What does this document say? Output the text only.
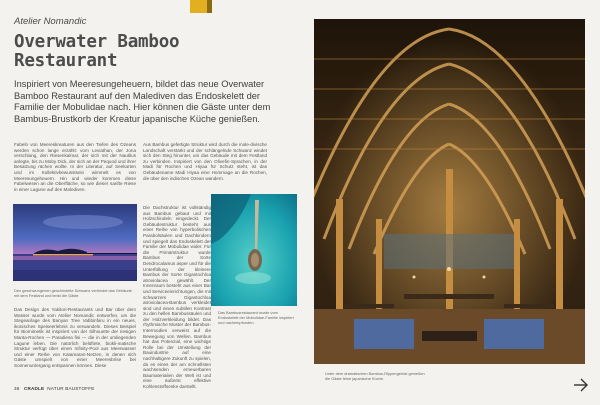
Atelier Nomandic
Overwater Bamboo Restaurant
Inspiriert von Meeresungeheuern, bildet das neue Overwater Bamboo Restaurant auf den Malediven das Endoskelett der Familie der Mobulidae nach. Hier können die Gäste unter dem Bambus-Brustkorb der Kreatur japanische Küche genießen.
Fabeln von Meereskreaturen aus den Tiefen des Ozeans werden schon lange erzählt: vom Leviathan, der Jona verschlang, den Riesenkalmar, der sich mit der Nautilus anlegte, bis zu Moby Dick, der sich an der Pequod und ihrer Besatzung rächen wollte. In der Literatur, auf Seekarten und im Kollektivbewusstsein wimmelt es von Meeresungeheuern. Hin und wieder kommen diese Fabelwesen an die Oberfläche, so wie dieser sanfte Riese in einer Lagune auf den Malediven.
Aus Bambus gefertigte Struktur wird durch die mole-divische Landschaft verstärkt und der schlängelnde Schwanz windet sich den Steg hinunter, um das Gebäude mit dem Festland zu verbinden. Inspiriert von den Olivefin-Sprachen, in der Madi für Rochen und Hiyaa für Schutz steht, ist das Gebäudename Madi Hiyaa eine Hommage an die Rochen, die über den indischen Ozean wandern.
Die Dachstruktur ist vollständig aus Bambus gebaut und mit Holzschindeln eingedeckt. Der Gebäudestruktur besteht aus einer Reihe von hyperbolischen Parabolsäulen und Dachbindern und spiegelt das Endoskelett der Familie der Mobulidae wider. Für die Primärstruktur wurde Bambus der Sorte Dendrocalamus asper und für die Unterfüllung der kleinere Bambus der Sorte Gigantochloa atroviolacea gewählt. Der Innenraum besteht aus einer Bar und Serviceeinrichtungen, die mit schwarzem Gigantochloa atroviolacea-Bambus verkleidet sind und einen subtilen Kontrast zu den hellen Bambussäulen und der Holzverkleidung bildet. Das rhythmische Muster der Bambus-Intermodien verweist auf die Bewegung von Wellen. Bambus hat das Potenzial, eine wichtige Rolle bei der Umstellung der Bauindustrie auf eine nachhaltigere Zukunft zu spielen, da es eines der am schnellsten wachsenden erneuerbaren Baumaterialien der Welt ist und eine äußerst effektive Kohlenstoffsenke darstellt.
Das Design des Yakitori-Restaurants und Bar über dem Wasser wurde vom Atelier Nomandic entworfen, um die Stegeanlage des Banyan Tree Vabbinfaru in ein neues, ikonisches Speiseerlebnis zu verwandeln. Dieses Beispiel für Biomimetik ist inspiriert von der Silhouette der riesigen Manta-Rochen — Paradiesa fisi — die in der umliegenden Lagune leben. Die natürlich belüftete, biokli-matische Struktur verfügt über einen Infinity-Pool aus Meerwasser und einer Reihe von Katamaran-Netzen, in denen sich Gäste umspielt von einer Meeresbrise bei Sonnenuntergang entspannen können. Diese
Den geschwungenen geschindelte Schwanz verbindet das Gebäude mit dem Festland und lenkt die Gäste
Das Bambusrestaurant wurde vom Endoskelett der Mobulidae-Familie inspiriert und nachempfunden.
Unter dem dramatischen Bambus-Rippengerüst genießen die Gäste feine japanische Küche.
36 CRADLE NATUR BAUSTOFFE
